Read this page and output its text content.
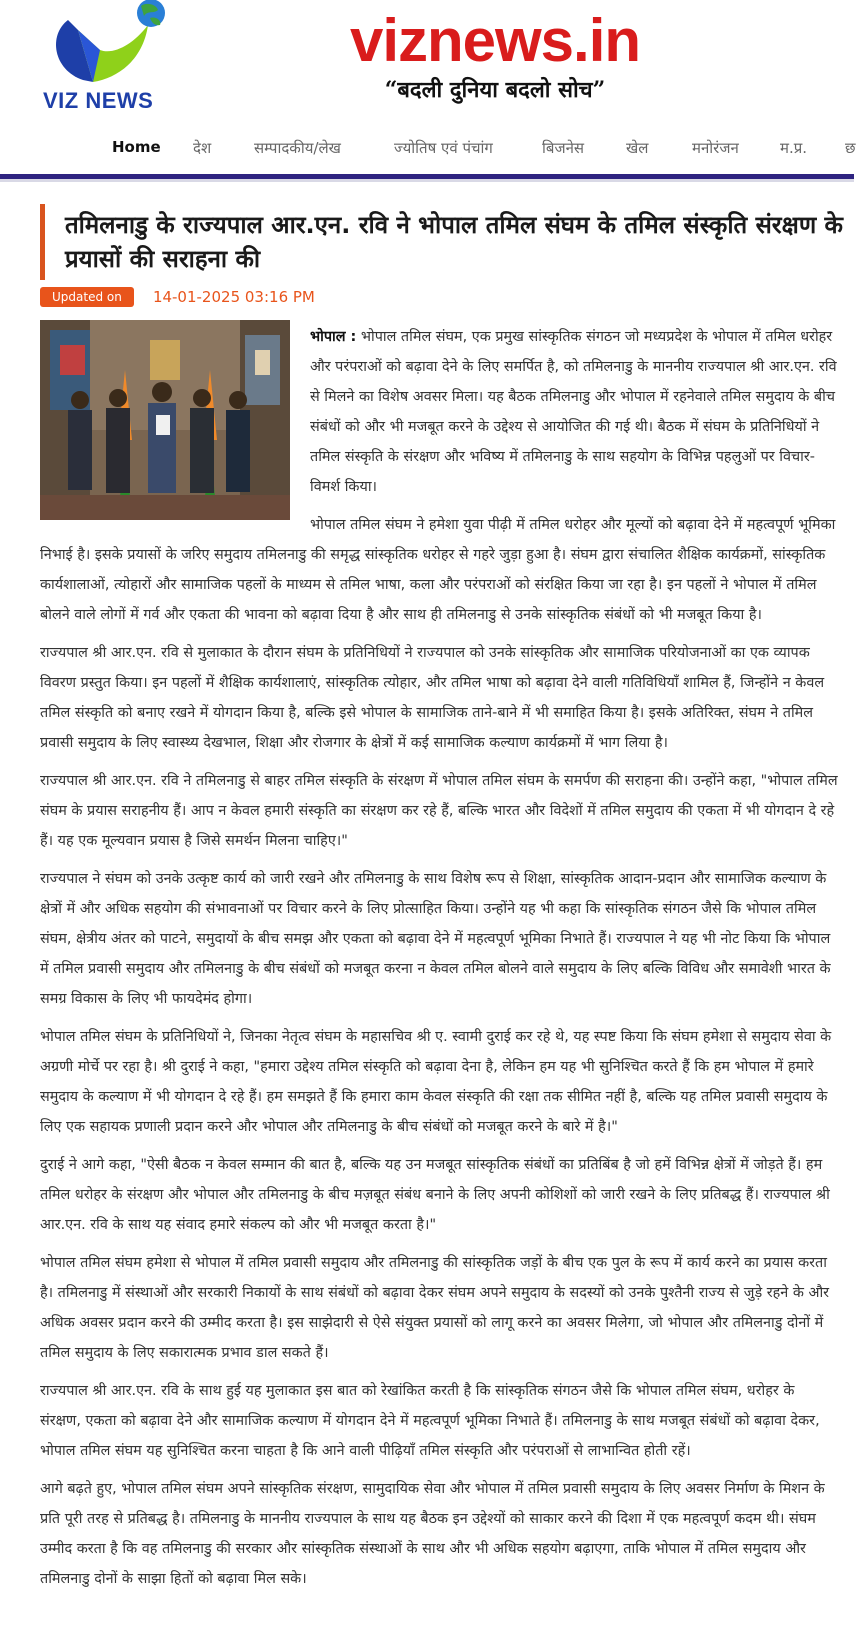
VIZ NEWS
viznews.in
“बदली दुनिया बदलो सोच”
Home देश	सम्पादकीय/लेख	ज्योतिष एवं पंचांग	बिजनेस	खेल	मनोरंजन	म.प्र.	छ
तमिलनाडु के राज्यपाल आर.एन. रवि ने भोपाल तमिल संघम के तमिल संस्कृति संरक्षण के प्रयासों की सराहना की
Updated on 14-01-2025 03:16 PM

भोपाल : भोपाल तमिल संघम, एक प्रमुख सांस्कृतिक संगठन जो मध्यप्रदेश के भोपाल में तमिल धरोहर और परंपराओं को बढ़ावा देने के लिए समर्पित है, को तमिलनाडु के माननीय राज्यपाल श्री आर.एन. रवि से मिलने का विशेष अवसर मिला। यह बैठक तमिलनाडु और भोपाल में रहनेवाले तमिल समुदाय के बीच संबंधों को और भी मजबूत करने के उद्देश्य से आयोजित की गई थी। बैठक में संघम के प्रतिनिधियों ने तमिल संस्कृति के संरक्षण और भविष्य में तमिलनाडु के साथ सहयोग के विभिन्न पहलुओं पर विचार-विमर्श किया।

भोपाल तमिल संघम ने हमेशा युवा पीढ़ी में तमिल धरोहर और मूल्यों को बढ़ावा देने में महत्वपूर्ण भूमिका निभाई है। इसके प्रयासों के जरिए समुदाय तमिलनाडु की समृद्ध सांस्कृतिक धरोहर से गहरे जुड़ा हुआ है। संघम द्वारा संचालित शैक्षिक कार्यक्रमों, सांस्कृतिक कार्यशालाओं, त्योहारों और सामाजिक पहलों के माध्यम से तमिल भाषा, कला और परंपराओं को संरक्षित किया जा रहा है। इन पहलों ने भोपाल में तमिल बोलने वाले लोगों में गर्व और एकता की भावना को बढ़ावा दिया है और साथ ही तमिलनाडु से उनके सांस्कृतिक संबंधों को भी मजबूत किया है।

राज्यपाल श्री आर.एन. रवि से मुलाकात के दौरान संघम के प्रतिनिधियों ने राज्यपाल को उनके सांस्कृतिक और सामाजिक परियोजनाओं का एक व्यापक विवरण प्रस्तुत किया। इन पहलों में शैक्षिक कार्यशालाएं, सांस्कृतिक त्योहार, और तमिल भाषा को बढ़ावा देने वाली गतिविधियाँ शामिल हैं, जिन्होंने न केवल तमिल संस्कृति को बनाए रखने में योगदान किया है, बल्कि इसे भोपाल के सामाजिक ताने-बाने में भी समाहित किया है। इसके अतिरिक्त, संघम ने तमिल प्रवासी समुदाय के लिए स्वास्थ्य देखभाल, शिक्षा और रोजगार के क्षेत्रों में कई सामाजिक कल्याण कार्यक्रमों में भाग लिया है।

राज्यपाल श्री आर.एन. रवि ने तमिलनाडु से बाहर तमिल संस्कृति के संरक्षण में भोपाल तमिल संघम के समर्पण की सराहना की। उन्होंने कहा, "भोपाल तमिल संघम के प्रयास सराहनीय हैं। आप न केवल हमारी संस्कृति का संरक्षण कर रहे हैं, बल्कि भारत और विदेशों में तमिल समुदाय की एकता में भी योगदान दे रहे हैं। यह एक मूल्यवान प्रयास है जिसे समर्थन मिलना चाहिए।"

राज्यपाल ने संघम को उनके उत्कृष्ट कार्य को जारी रखने और तमिलनाडु के साथ विशेष रूप से शिक्षा, सांस्कृतिक आदान-प्रदान और सामाजिक कल्याण के क्षेत्रों में और अधिक सहयोग की संभावनाओं पर विचार करने के लिए प्रोत्साहित किया। उन्होंने यह भी कहा कि सांस्कृतिक संगठन जैसे कि भोपाल तमिल संघम, क्षेत्रीय अंतर को पाटने, समुदायों के बीच समझ और एकता को बढ़ावा देने में महत्वपूर्ण भूमिका निभाते हैं। राज्यपाल ने यह भी नोट किया कि भोपाल में तमिल प्रवासी समुदाय और तमिलनाडु के बीच संबंधों को मजबूत करना न केवल तमिल बोलने वाले समुदाय के लिए बल्कि विविध और समावेशी भारत के समग्र विकास के लिए भी फायदेमंद होगा।

भोपाल तमिल संघम के प्रतिनिधियों ने, जिनका नेतृत्व संघम के महासचिव श्री ए. स्वामी दुराई कर रहे थे, यह स्पष्ट किया कि संघम हमेशा से समुदाय सेवा के अग्रणी मोर्चे पर रहा है। श्री दुराई ने कहा, "हमारा उद्देश्य तमिल संस्कृति को बढ़ावा देना है, लेकिन हम यह भी सुनिश्चित करते हैं कि हम भोपाल में हमारे समुदाय के कल्याण में भी योगदान दे रहे हैं। हम समझते हैं कि हमारा काम केवल संस्कृति की रक्षा तक सीमित नहीं है, बल्कि यह तमिल प्रवासी समुदाय के लिए एक सहायक प्रणाली प्रदान करने और भोपाल और तमिलनाडु के बीच संबंधों को मजबूत करने के बारे में है।"

दुराई ने आगे कहा, "ऐसी बैठक न केवल सम्मान की बात है, बल्कि यह उन मजबूत सांस्कृतिक संबंधों का प्रतिबिंब है जो हमें विभिन्न क्षेत्रों में जोड़ते हैं। हम तमिल धरोहर के संरक्षण और भोपाल और तमिलनाडु के बीच मज़बूत संबंध बनाने के लिए अपनी कोशिशों को जारी रखने के लिए प्रतिबद्ध हैं। राज्यपाल श्री आर.एन. रवि के साथ यह संवाद हमारे संकल्प को और भी मजबूत करता है।"

भोपाल तमिल संघम हमेशा से भोपाल में तमिल प्रवासी समुदाय और तमिलनाडु की सांस्कृतिक जड़ों के बीच एक पुल के रूप में कार्य करने का प्रयास करता है। तमिलनाडु में संस्थाओं और सरकारी निकायों के साथ संबंधों को बढ़ावा देकर संघम अपने समुदाय के सदस्यों को उनके पुश्तैनी राज्य से जुड़े रहने के और अधिक अवसर प्रदान करने की उम्मीद करता है। इस साझेदारी से ऐसे संयुक्त प्रयासों को लागू करने का अवसर मिलेगा, जो भोपाल और तमिलनाडु दोनों में तमिल समुदाय के लिए सकारात्मक प्रभाव डाल सकते हैं।

राज्यपाल श्री आर.एन. रवि के साथ हुई यह मुलाकात इस बात को रेखांकित करती है कि सांस्कृतिक संगठन जैसे कि भोपाल तमिल संघम, धरोहर के संरक्षण, एकता को बढ़ावा देने और सामाजिक कल्याण में योगदान देने में महत्वपूर्ण भूमिका निभाते हैं। तमिलनाडु के साथ मजबूत संबंधों को बढ़ावा देकर, भोपाल तमिल संघम यह सुनिश्चित करना चाहता है कि आने वाली पीढ़ियाँ तमिल संस्कृति और परंपराओं से लाभान्वित होती रहें।

आगे बढ़ते हुए, भोपाल तमिल संघम अपने सांस्कृतिक संरक्षण, सामुदायिक सेवा और भोपाल में तमिल प्रवासी समुदाय के लिए अवसर निर्माण के मिशन के प्रति पूरी तरह से प्रतिबद्ध है। तमिलनाडु के माननीय राज्यपाल के साथ यह बैठक इन उद्देश्यों को साकार करने की दिशा में एक महत्वपूर्ण कदम थी। संघम उम्मीद करता है कि वह तमिलनाडु की सरकार और सांस्कृतिक संस्थाओं के साथ और भी अधिक सहयोग बढ़ाएगा, ताकि भोपाल में तमिल समुदाय और तमिलनाडु दोनों के साझा हितों को बढ़ावा मिल सके।
